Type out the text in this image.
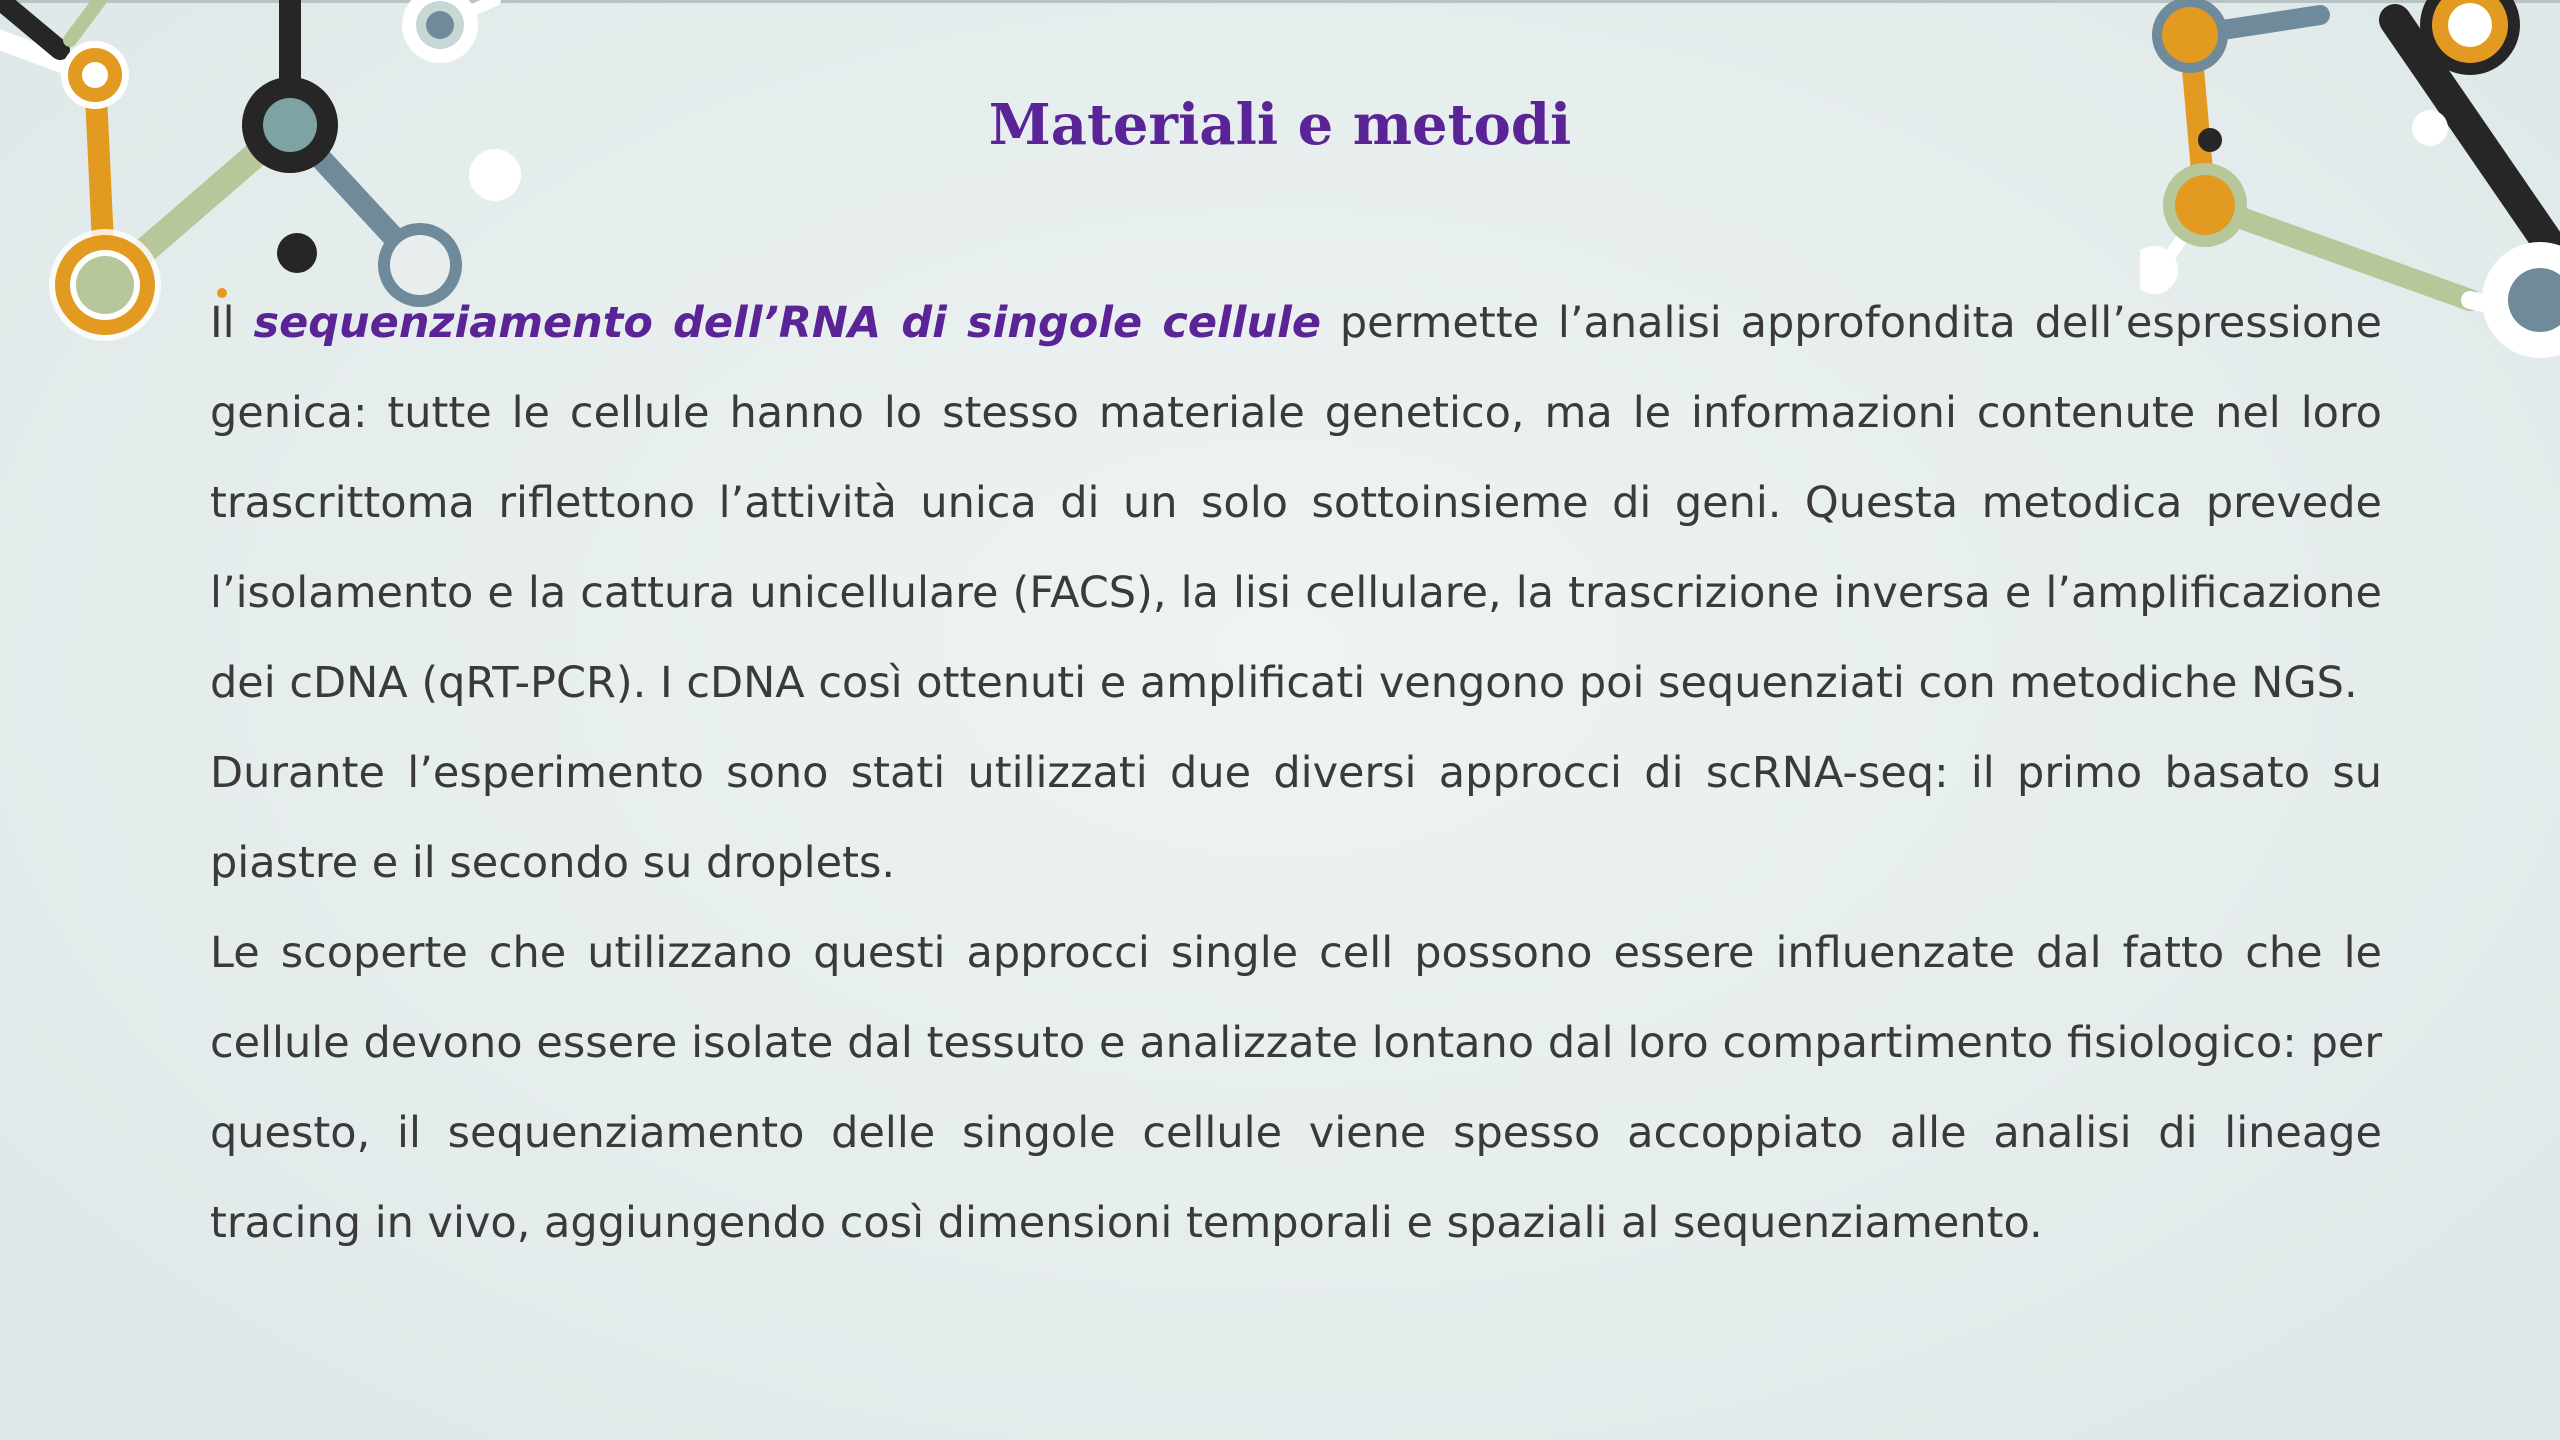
Materiali e metodi

Il sequenziamento dell’RNA di singole cellule permette l’analisi approfondita dell’espressione genica: tutte le cellule hanno lo stesso materiale genetico, ma le informazioni contenute nel loro trascrittoma riflettono l’attività unica di un solo sottoinsieme di geni. Questa metodica prevede l’isolamento e la cattura unicellulare (FACS), la lisi cellulare, la trascrizione inversa e l’amplificazione dei cDNA (qRT-PCR). I cDNA così ottenuti e amplificati vengono poi sequenziati con metodiche NGS.

Durante l’esperimento sono stati utilizzati due diversi approcci di scRNA-seq: il primo basato su piastre e il secondo su droplets.

Le scoperte che utilizzano questi approcci single cell possono essere influenzate dal fatto che le cellule devono essere isolate dal tessuto e analizzate lontano dal loro compartimento fisiologico: per questo, il sequenziamento delle singole cellule viene spesso accoppiato alle analisi di lineage tracing in vivo, aggiungendo così dimensioni temporali e spaziali al sequenziamento.
